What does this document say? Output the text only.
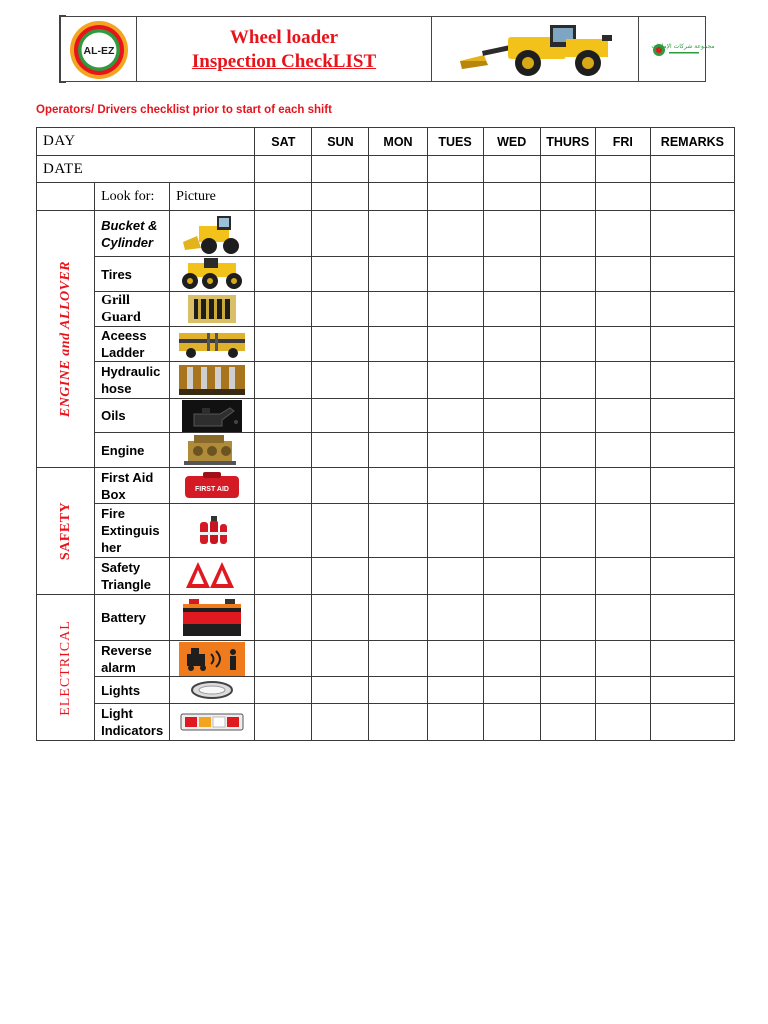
AL-EZ
Wheel loader
Inspection CheckLIST
مجموعة شركات الإمارات
Operators/ Drivers checklist prior to start of each shift
DAY			SAT	SUN	MON	TUES	WED	THURS	FRI	REMARKS
DATE										
	Look for:	Picture								

ENGINE and ALLOVER	Bucket & Cylinder	

	Tires	

	Grill Guard	

	Aceess Ladder	

	Hydraulic hose	

	Oils	

	Engine	

SAFETY	First Aid Box	FIRST AID								

	Fire Extinguis her	

	Safety Triangle	

ELECTRICAL	Battery	

	Reverse alarm	

	Lights	

	Light Indicators	
